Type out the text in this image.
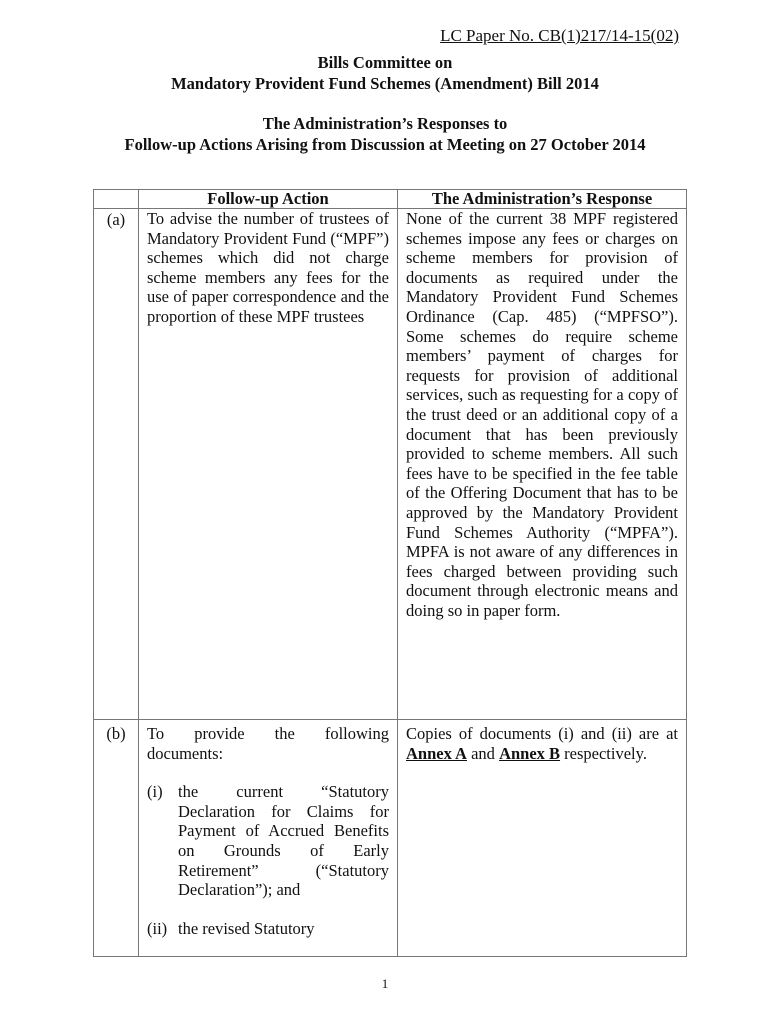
LC Paper No. CB(1)217/14-15(02)
Bills Committee on
Mandatory Provident Fund Schemes (Amendment) Bill 2014
The Administration’s Responses to
Follow-up Actions Arising from Discussion at Meeting on 27 October 2014
	Follow-up Action	The Administration’s Response

(a)	To advise the number of trustees of Mandatory Provident Fund (“MPF”) schemes which did not charge scheme members any fees for the use of paper correspondence and the proportion of these MPF trustees	None of the current 38 MPF registered schemes impose any fees or charges on scheme members for provision of documents as required under the Mandatory Provident Fund Schemes Ordinance (Cap. 485) (“MPFSO”). Some schemes do require scheme members’ payment of charges for requests for provision of additional services, such as requesting for a copy of the trust deed or an additional copy of a document that has been previously provided to scheme members. All such fees have to be specified in the fee table of the Offering Document that has to be approved by the Mandatory Provident Fund Schemes Authority (“MPFA”). MPFA is not aware of any differences in fees charged between providing such document through electronic means and doing so in paper form.

(b)	To provide the following documents:
(i) the current “Statutory Declaration for Claims for Payment of Accrued Benefits on Grounds of Early Retirement” (“Statutory Declaration”); and
(ii) the revised Statutory	Copies of documents (i) and (ii) are at Annex A and Annex B respectively.
1
